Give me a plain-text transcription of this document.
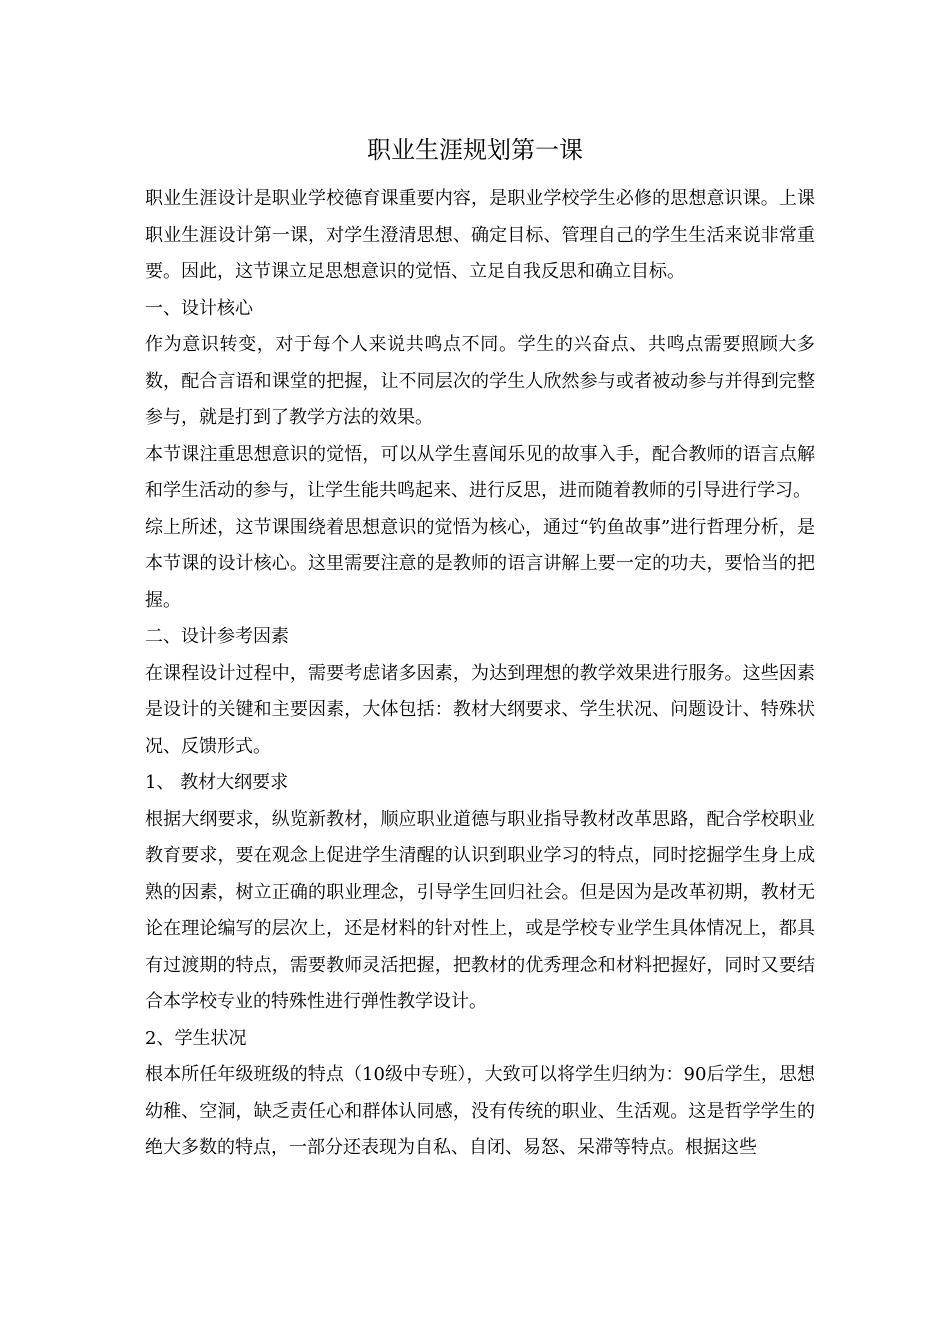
职业生涯规划第一课

职业生涯设计是职业学校德育课重要内容，是职业学校学生必修的思想意识课。上课职业生涯设计第一课，对学生澄清思想、确定目标、管理自己的学生生活来说非常重要。因此，这节课立足思想意识的觉悟、立足自我反思和确立目标。

一、设计核心

作为意识转变，对于每个人来说共鸣点不同。学生的兴奋点、共鸣点需要照顾大多数，配合言语和课堂的把握，让不同层次的学生人欣然参与或者被动参与并得到完整参与，就是打到了教学方法的效果。

本节课注重思想意识的觉悟，可以从学生喜闻乐见的故事入手，配合教师的语言点解和学生活动的参与，让学生能共鸣起来、进行反思，进而随着教师的引导进行学习。

综上所述，这节课围绕着思想意识的觉悟为核心，通过“钓鱼故事”进行哲理分析，是本节课的设计核心。这里需要注意的是教师的语言讲解上要一定的功夫，要恰当的把握。

二、设计参考因素

在课程设计过程中，需要考虑诸多因素，为达到理想的教学效果进行服务。这些因素是设计的关键和主要因素，大体包括：教材大纲要求、学生状况、问题设计、特殊状况、反馈形式。

1、 教材大纲要求

根据大纲要求，纵览新教材，顺应职业道德与职业指导教材改革思路，配合学校职业教育要求，要在观念上促进学生清醒的认识到职业学习的特点，同时挖掘学生身上成熟的因素，树立正确的职业理念，引导学生回归社会。但是因为是改革初期，教材无论在理论编写的层次上，还是材料的针对性上，或是学校专业学生具体情况上，都具有过渡期的特点，需要教师灵活把握，把教材的优秀理念和材料把握好，同时又要结合本学校专业的特殊性进行弹性教学设计。

2、学生状况

根本所任年级班级的特点（10级中专班），大致可以将学生归纳为：90后学生，思想幼稚、空洞，缺乏责任心和群体认同感，没有传统的职业、生活观。这是哲学学生的绝大多数的特点，一部分还表现为自私、自闭、易怒、呆滞等特点。根据这些
